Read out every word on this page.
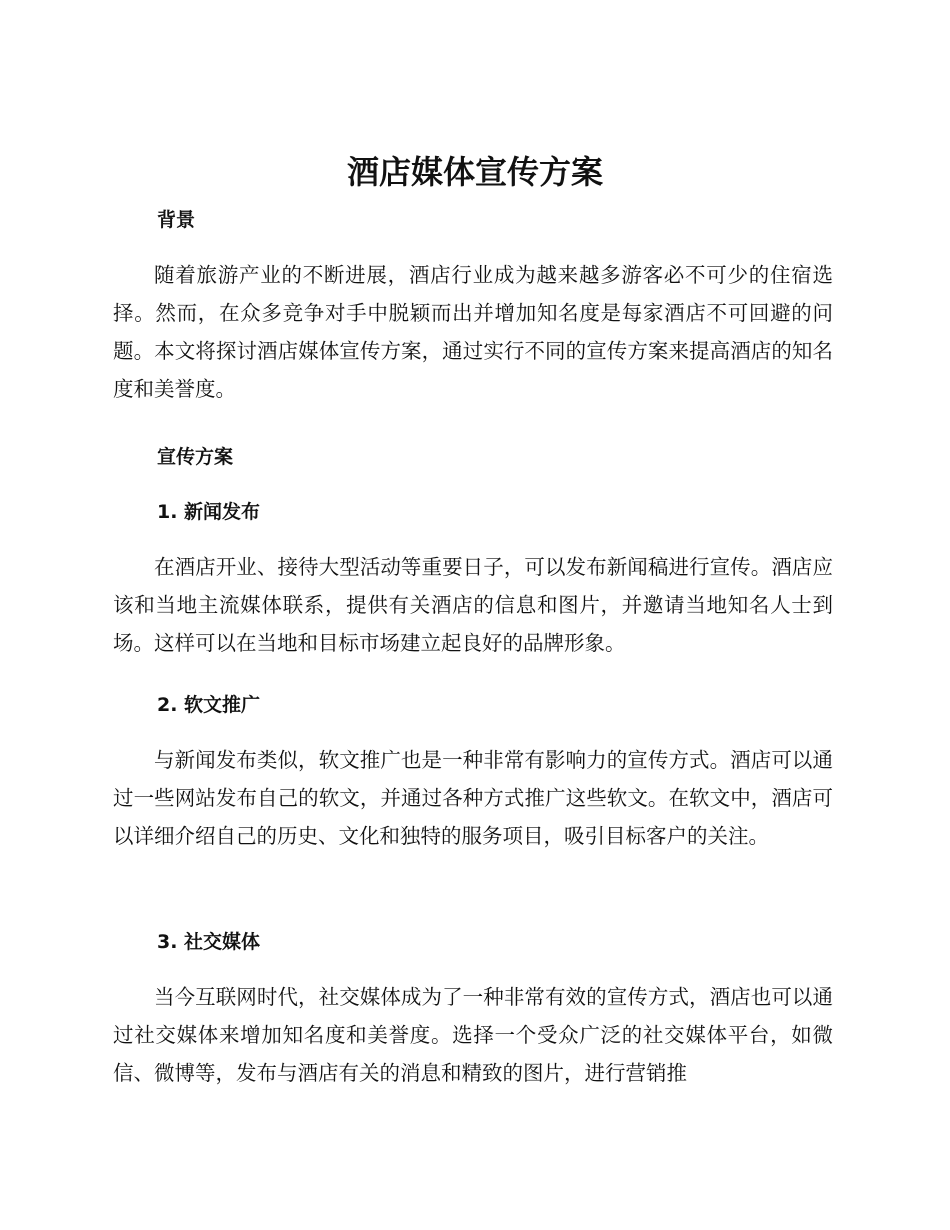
酒店媒体宣传方案
背景

随着旅游产业的不断进展，酒店行业成为越来越多游客必不可少的住宿选择。然而，在众多竞争对手中脱颖而出并增加知名度是每家酒店不可回避的问题。本文将探讨酒店媒体宣传方案，通过实行不同的宣传方案来提高酒店的知名度和美誉度。

宣传方案
1. 新闻发布

在酒店开业、接待大型活动等重要日子，可以发布新闻稿进行宣传。酒店应该和当地主流媒体联系，提供有关酒店的信息和图片，并邀请当地知名人士到场。这样可以在当地和目标市场建立起良好的品牌形象。

2. 软文推广

与新闻发布类似，软文推广也是一种非常有影响力的宣传方式。酒店可以通过一些网站发布自己的软文，并通过各种方式推广这些软文。在软文中，酒店可以详细介绍自己的历史、文化和独特的服务项目，吸引目标客户的关注。

3. 社交媒体

当今互联网时代，社交媒体成为了一种非常有效的宣传方式，酒店也可以通过社交媒体来增加知名度和美誉度。选择一个受众广泛的社交媒体平台，如微信、微博等，发布与酒店有关的消息和精致的图片，进行营销推
